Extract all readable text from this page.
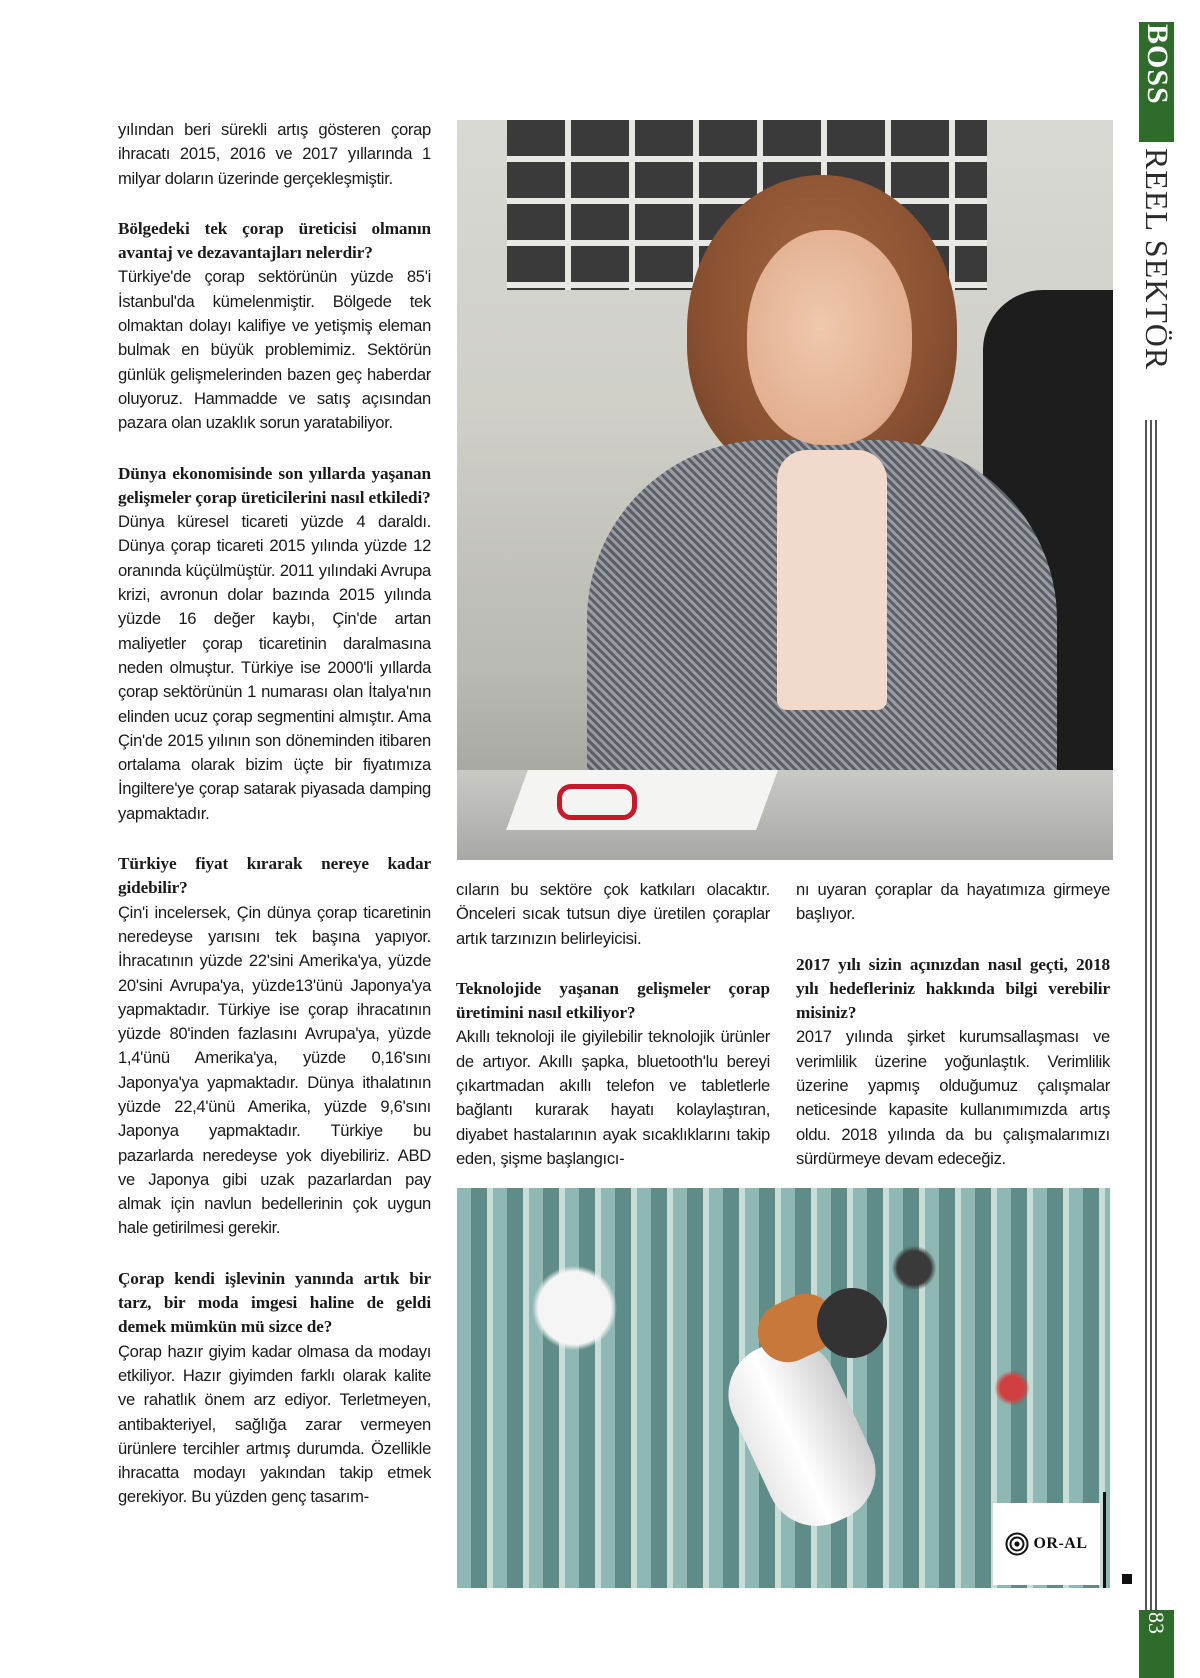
BOSS
REEL SEKTÖR
83

yılından beri sürekli artış gösteren çorap ihracatı 2015, 2016 ve 2017 yıllarında 1 milyar doların üzerinde gerçekleşmiştir.

Bölgedeki tek çorap üreticisi olmanın avantaj ve dezavantajları nelerdir?

Türkiye'de çorap sektörünün yüzde 85'i İstanbul'da kümelenmiştir. Bölgede tek olmaktan dolayı kalifiye ve yetişmiş eleman bulmak en büyük problemimiz. Sektörün günlük gelişmelerinden bazen geç haberdar oluyoruz. Hammadde ve satış açısından pazara olan uzaklık sorun yaratabiliyor.

Dünya ekonomisinde son yıllarda yaşanan gelişmeler çorap üreticilerini nasıl etkiledi?

Dünya küresel ticareti yüzde 4 daraldı. Dünya çorap ticareti 2015 yılında yüzde 12 oranında küçülmüştür. 2011 yılındaki Avrupa krizi, avronun dolar bazında 2015 yılında yüzde 16 değer kaybı, Çin'de artan maliyetler çorap ticaretinin daralmasına neden olmuştur. Türkiye ise 2000'li yıllarda çorap sektörünün 1 numarası olan İtalya'nın elinden ucuz çorap segmentini almıştır. Ama Çin'de 2015 yılının son döneminden itibaren ortalama olarak bizim üçte bir fiyatımıza İngiltere'ye çorap satarak piyasada damping yapmaktadır.

Türkiye fiyat kırarak nereye kadar gidebilir?

Çin'i incelersek, Çin dünya çorap ticaretinin neredeyse yarısını tek başına yapıyor. İhracatının yüzde 22'sini Amerika'ya, yüzde 20'sini Avrupa'ya, yüzde13'ünü Japonya'ya yapmaktadır. Türkiye ise çorap ihracatının yüzde 80'inden fazlasını Avrupa'ya, yüzde 1,4'ünü Amerika'ya, yüzde 0,16'sını Japonya'ya yapmaktadır. Dünya ithalatının yüzde 22,4'ünü Amerika, yüzde 9,6'sını Japonya yapmaktadır. Türkiye bu pazarlarda neredeyse yok diyebiliriz. ABD ve Japonya gibi uzak pazarlardan pay almak için navlun bedellerinin çok uygun hale getirilmesi gerekir.

Çorap kendi işlevinin yanında artık bir tarz, bir moda imgesi haline de geldi demek mümkün mü sizce de?

Çorap hazır giyim kadar olmasa da modayı etkiliyor. Hazır giyimden farklı olarak kalite ve rahatlık önem arz ediyor. Terletmeyen, antibakteriyel, sağlığa zarar vermeyen ürünlere tercihler artmış durumda. Özellikle ihracatta modayı yakından takip etmek gerekiyor. Bu yüzden genç tasarım-

cıların bu sektöre çok katkıları olacaktır. Önceleri sıcak tutsun diye üretilen çoraplar artık tarzınızın belirleyicisi.

Teknolojide yaşanan gelişmeler çorap üretimini nasıl etkiliyor?

Akıllı teknoloji ile giyilebilir teknolojik ürünler de artıyor. Akıllı şapka, bluetooth'lu bereyi çıkartmadan akıllı telefon ve tabletlerle bağlantı kurarak hayatı kolaylaştıran, diyabet hastalarının ayak sıcaklıklarını takip eden, şişme başlangıcı-

nı uyaran çoraplar da hayatımıza girmeye başlıyor.

2017 yılı sizin açınızdan nasıl geçti, 2018 yılı hedefleriniz hakkında bilgi verebilir misiniz?

2017 yılında şirket kurumsallaşması ve verimlilik üzerine yoğunlaştık. Verimlilik üzerine yapmış olduğumuz çalışmalar neticesinde kapasite kullanımımızda artış oldu. 2018 yılında da bu çalışmalarımızı sürdürmeye devam edeceğiz.

OR-AL
